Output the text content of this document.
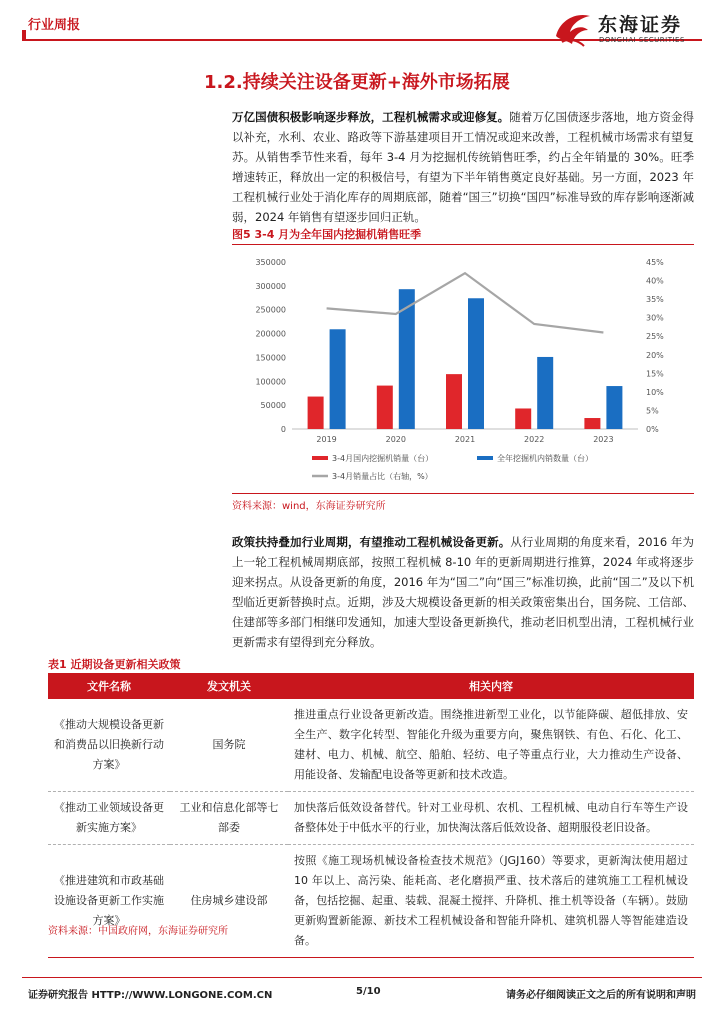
行业周报	东海证券
DONGHAI SECURITIES
1.2.持续关注设备更新+海外市场拓展
万亿国债积极影响逐步释放，工程机械需求或迎修复。随着万亿国债逐步落地，地方资金得以补充，水利、农业、路政等下游基建项目开工情况或迎来改善，工程机械市场需求有望复苏。从销售季节性来看，每年 3-4 月为挖掘机传统销售旺季，约占全年销量的 30%。旺季增速转正，释放出一定的积极信号，有望为下半年销售奠定良好基础。另一方面，2023 年工程机械行业处于消化库存的周期底部，随着“国三”切换“国四”标准导致的库存影响逐渐减弱，2024 年销售有望逐步回归正轨。
图5 3-4 月为全年国内挖掘机销售旺季
0
50000
100000
150000
200000
250000
300000
350000
0%
5%
10%
15%
20%
25%
30%
35%
40%
45%
2019	2020	2021	2022	2023
3-4月国内挖掘机销量（台）	全年挖掘机内销数量（台）
3-4月销量占比（右轴，%）
资料来源：wind，东海证券研究所
政策扶持叠加行业周期，有望推动工程机械设备更新。从行业周期的角度来看，2016 年为上一轮工程机械周期底部，按照工程机械 8-10 年的更新周期进行推算，2024 年或将逐步迎来拐点。从设备更新的角度，2016 年为“国二”向“国三”标准切换，此前“国二”及以下机型临近更新替换时点。近期，涉及大规模设备更新的相关政策密集出台，国务院、工信部、住建部等多部门相继印发通知，加速大型设备更新换代，推动老旧机型出清，工程机械行业更新需求有望得到充分释放。
表1 近期设备更新相关政策
文件名称	发文机关	相关内容
《推动大规模设备更新和消费品以旧换新行动方案》	国务院	推进重点行业设备更新改造。围绕推进新型工业化，以节能降碳、超低排放、安全生产、数字化转型、智能化升级为重要方向，聚焦钢铁、有色、石化、化工、建材、电力、机械、航空、船舶、轻纺、电子等重点行业，大力推动生产设备、用能设备、发输配电设备等更新和技术改造。
《推动工业领域设备更新实施方案》	工业和信息化部等七部委	加快落后低效设备替代。针对工业母机、农机、工程机械、电动自行车等生产设备整体处于中低水平的行业，加快淘汰落后低效设备、超期服役老旧设备。
《推进建筑和市政基础设施设备更新工作实施方案》	住房城乡建设部	按照《施工现场机械设备检查技术规范》（JGJ160）等要求，更新淘汰使用超过 10 年以上、高污染、能耗高、老化磨损严重、技术落后的建筑施工工程机械设备，包括挖掘、起重、装载、混凝土搅拌、升降机、推土机等设备（车辆）。鼓励更新购置新能源、新技术工程机械设备和智能升降机、建筑机器人等智能建造设备。
资料来源：中国政府网，东海证券研究所
证券研究报告 HTTP://WWW.LONGONE.COM.CN	5/10	请务必仔细阅读正文之后的所有说明和声明
